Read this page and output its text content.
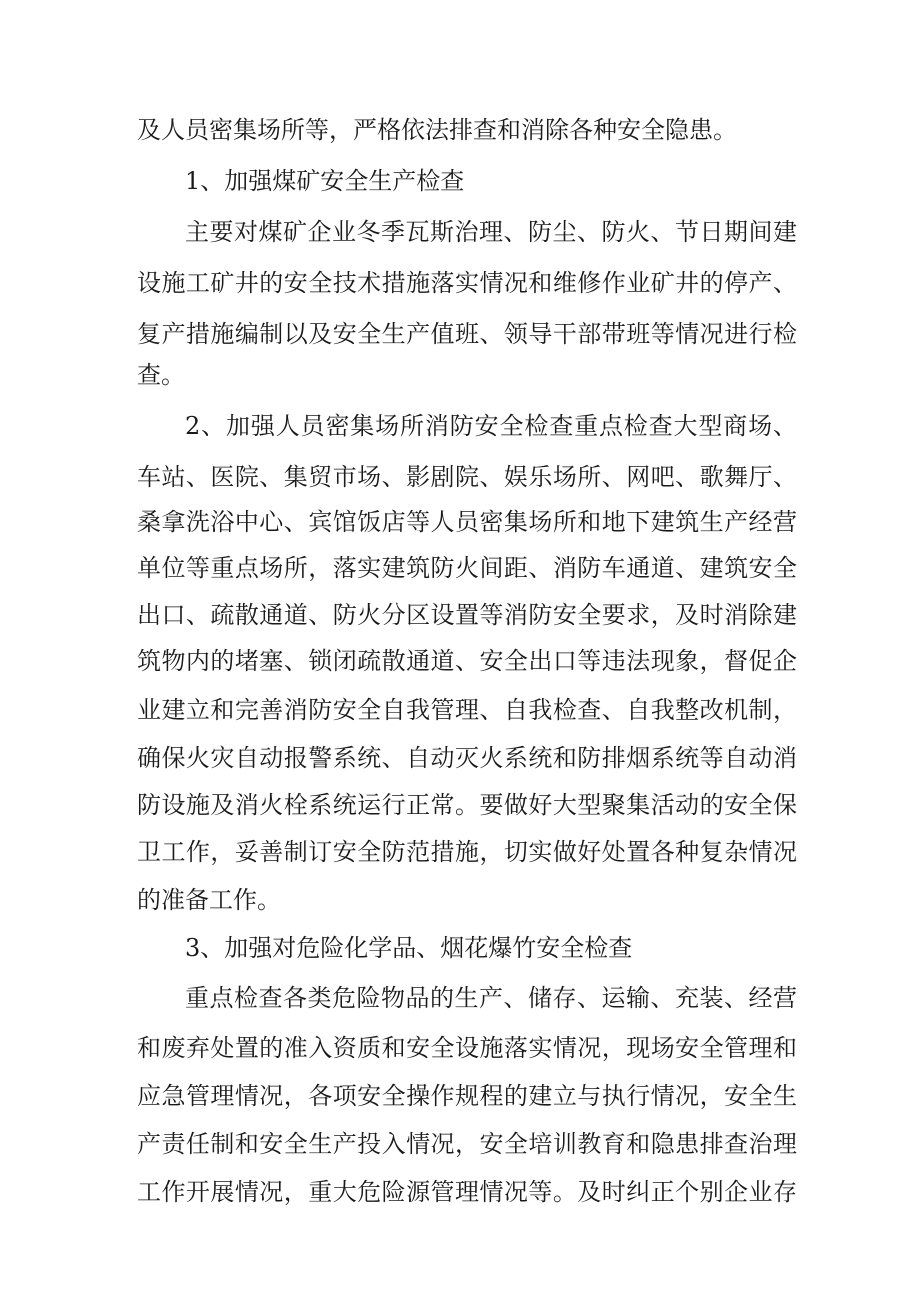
及人员密集场所等，严格依法排查和消除各种安全隐患。
1、加强煤矿安全生产检查
主要对煤矿企业冬季瓦斯治理、防尘、防火、节日期间建
设施工矿井的安全技术措施落实情况和维修作业矿井的停产、
复产措施编制以及安全生产值班、领导干部带班等情况进行检
查。
2、加强人员密集场所消防安全检查重点检查大型商场、
车站、医院、集贸市场、影剧院、娱乐场所、网吧、歌舞厅、
桑拿洗浴中心、宾馆饭店等人员密集场所和地下建筑生产经营
单位等重点场所，落实建筑防火间距、消防车通道、建筑安全
出口、疏散通道、防火分区设置等消防安全要求，及时消除建
筑物内的堵塞、锁闭疏散通道、安全出口等违法现象，督促企
业建立和完善消防安全自我管理、自我检查、自我整改机制，
确保火灾自动报警系统、自动灭火系统和防排烟系统等自动消
防设施及消火栓系统运行正常。要做好大型聚集活动的安全保
卫工作，妥善制订安全防范措施，切实做好处置各种复杂情况
的准备工作。
3、加强对危险化学品、烟花爆竹安全检查
重点检查各类危险物品的生产、储存、运输、充装、经营
和废弃处置的准入资质和安全设施落实情况，现场安全管理和
应急管理情况，各项安全操作规程的建立与执行情况，安全生
产责任制和安全生产投入情况，安全培训教育和隐患排查治理
工作开展情况，重大危险源管理情况等。及时纠正个别企业存
